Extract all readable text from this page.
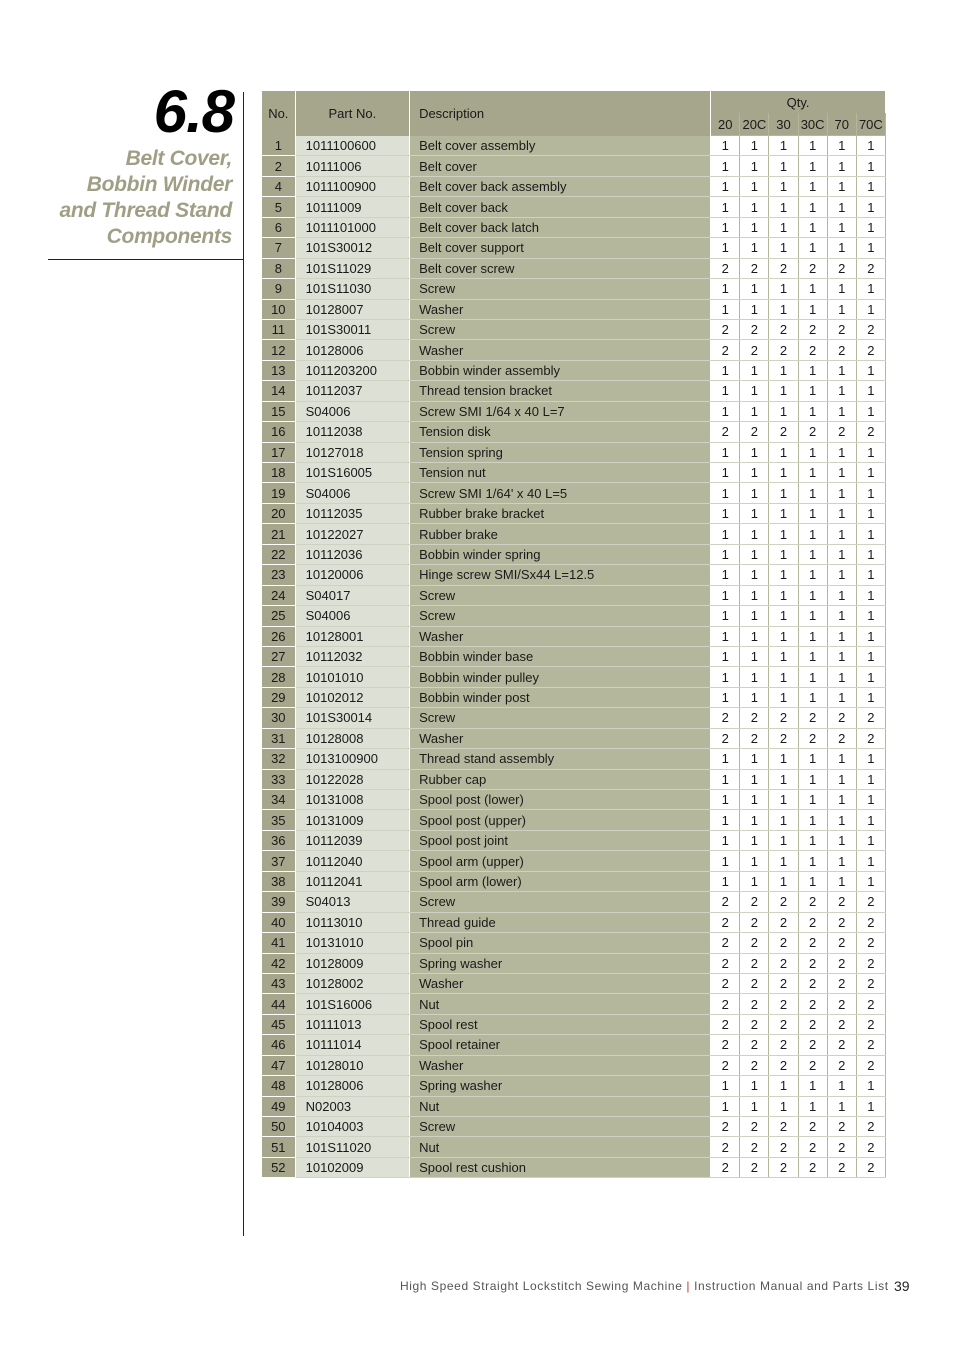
6.8
Belt Cover,
Bobbin Winder
and Thread Stand
Components
No.	Part No.	Description	Qty.					
			20	20C	30	30C	70	70C
1	1011100600	Belt cover assembly	1	1	1	1	1	1
2	10111006	Belt cover	1	1	1	1	1	1
4	1011100900	Belt cover back assembly	1	1	1	1	1	1
5	10111009	Belt cover back	1	1	1	1	1	1
6	1011101000	Belt cover back latch	1	1	1	1	1	1
7	101S30012	Belt cover support	1	1	1	1	1	1
8	101S11029	Belt cover screw	2	2	2	2	2	2
9	101S11030	Screw	1	1	1	1	1	1
10	10128007	Washer	1	1	1	1	1	1
11	101S30011	Screw	2	2	2	2	2	2
12	10128006	Washer	2	2	2	2	2	2
13	1011203200	Bobbin winder assembly	1	1	1	1	1	1
14	10112037	Thread tension bracket	1	1	1	1	1	1
15	S04006	Screw SMI 1/64 x 40 L=7	1	1	1	1	1	1
16	10112038	Tension disk	2	2	2	2	2	2
17	10127018	Tension spring	1	1	1	1	1	1
18	101S16005	Tension nut	1	1	1	1	1	1
19	S04006	Screw SMI 1/64' x 40 L=5	1	1	1	1	1	1
20	10112035	Rubber brake bracket	1	1	1	1	1	1
21	10122027	Rubber brake	1	1	1	1	1	1
22	10112036	Bobbin winder spring	1	1	1	1	1	1
23	10120006	Hinge screw SMI/Sx44 L=12.5	1	1	1	1	1	1
24	S04017	Screw	1	1	1	1	1	1
25	S04006	Screw	1	1	1	1	1	1
26	10128001	Washer	1	1	1	1	1	1
27	10112032	Bobbin winder base	1	1	1	1	1	1
28	10101010	Bobbin winder pulley	1	1	1	1	1	1
29	10102012	Bobbin winder post	1	1	1	1	1	1
30	101S30014	Screw	2	2	2	2	2	2
31	10128008	Washer	2	2	2	2	2	2
32	1013100900	Thread stand assembly	1	1	1	1	1	1
33	10122028	Rubber cap	1	1	1	1	1	1
34	10131008	Spool post (lower)	1	1	1	1	1	1
35	10131009	Spool post (upper)	1	1	1	1	1	1
36	10112039	Spool post joint	1	1	1	1	1	1
37	10112040	Spool arm (upper)	1	1	1	1	1	1
38	10112041	Spool arm (lower)	1	1	1	1	1	1
39	S04013	Screw	2	2	2	2	2	2
40	10113010	Thread guide	2	2	2	2	2	2
41	10131010	Spool pin	2	2	2	2	2	2
42	10128009	Spring washer	2	2	2	2	2	2
43	10128002	Washer	2	2	2	2	2	2
44	101S16006	Nut	2	2	2	2	2	2
45	10111013	Spool rest	2	2	2	2	2	2
46	10111014	Spool retainer	2	2	2	2	2	2
47	10128010	Washer	2	2	2	2	2	2
48	10128006	Spring washer	1	1	1	1	1	1
49	N02003	Nut	1	1	1	1	1	1
50	10104003	Screw	2	2	2	2	2	2
51	101S11020	Nut	2	2	2	2	2	2
52	10102009	Spool rest cushion	2	2	2	2	2	2
High Speed Straight Lockstitch Sewing Machine | Instruction Manual and Parts List 39
